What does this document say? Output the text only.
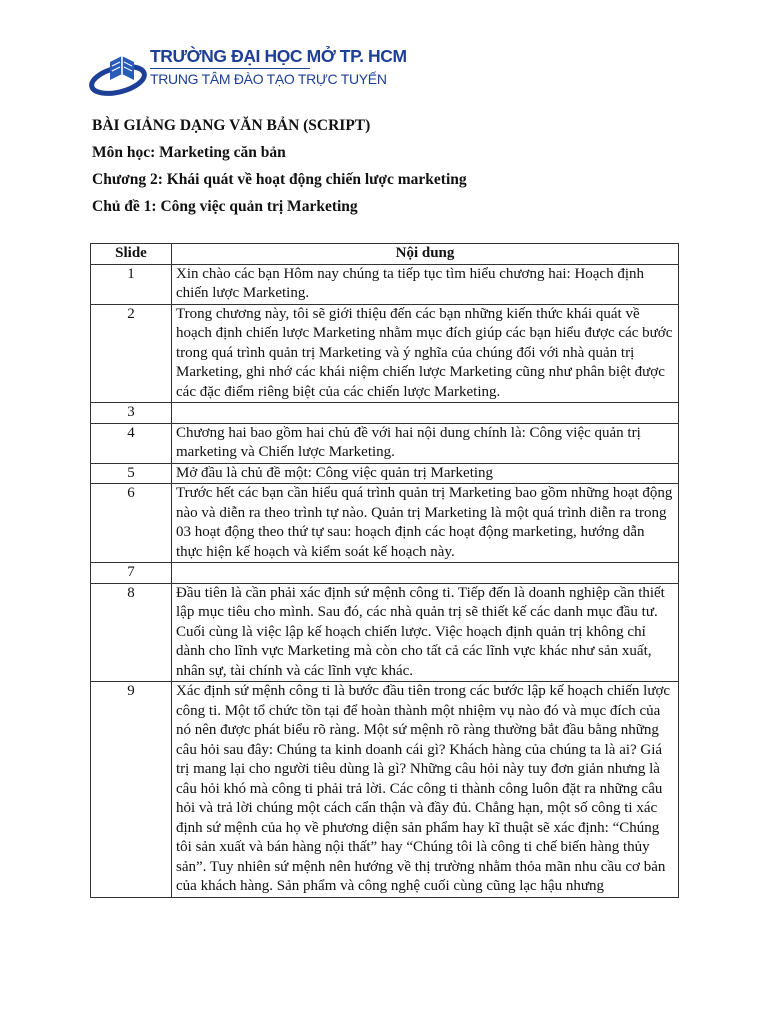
TRƯỜNG ĐẠI HỌC MỞ TP. HCM
TRUNG TÂM ĐÀO TẠO TRỰC TUYẾN
BÀI GIẢNG DẠNG VĂN BẢN (SCRIPT)
Môn học: Marketing căn bản
Chương 2: Khái quát về hoạt động chiến lược marketing
Chủ đề 1: Công việc quản trị Marketing
Slide	Nội dung
1	Xin chào các bạn Hôm nay chúng ta tiếp tục tìm hiểu chương hai: Hoạch định chiến lược Marketing.
2	Trong chương này, tôi sẽ giới thiệu đến các bạn những kiến thức khái quát về hoạch định chiến lược Marketing nhằm mục đích giúp các bạn hiểu được các bước trong quá trình quản trị Marketing và ý nghĩa của chúng đối với nhà quản trị Marketing, ghi nhớ các khái niệm chiến lược Marketing cũng như phân biệt được các đặc điểm riêng biệt của các chiến lược Marketing.
3	
4	Chương hai bao gồm hai chủ đề với hai nội dung chính là: Công việc quản trị marketing và Chiến lược Marketing.
5	Mở đầu là chủ đề một: Công việc quản trị Marketing
6	Trước hết các bạn cần hiểu quá trình quản trị Marketing bao gồm những hoạt động nào và diễn ra theo trình tự nào. Quản trị Marketing là một quá trình diễn ra trong 03 hoạt động theo thứ tự sau: hoạch định các hoạt động marketing, hướng dẫn thực hiện kế hoạch và kiểm soát kế hoạch này.
7	
8	Đầu tiên là cần phải xác định sứ mệnh công ti. Tiếp đến là doanh nghiệp cần thiết lập mục tiêu cho mình. Sau đó, các nhà quản trị sẽ thiết kế các danh mục đầu tư. Cuối cùng là việc lập kế hoạch chiến lược. Việc hoạch định quản trị không chỉ dành cho lĩnh vực Marketing mà còn cho tất cả các lĩnh vực khác như sản xuất, nhân sự, tài chính và các lĩnh vực khác.
9	Xác định sứ mệnh công ti là bước đầu tiên trong các bước lập kế hoạch chiến lược công ti. Một tổ chức tồn tại để hoàn thành một nhiệm vụ nào đó và mục đích của nó nên được phát biểu rõ ràng. Một sứ mệnh rõ ràng thường bắt đầu bằng những câu hỏi sau đây: Chúng ta kinh doanh cái gì? Khách hàng của chúng ta là ai? Giá trị mang lại cho người tiêu dùng là gì? Những câu hỏi này tuy đơn giản nhưng là câu hỏi khó mà công ti phải trả lời. Các công ti thành công luôn đặt ra những câu hỏi và trả lời chúng một cách cẩn thận và đầy đủ. Chẳng hạn, một số công ti xác định sứ mệnh của họ về phương diện sản phẩm hay kĩ thuật sẽ xác định: “Chúng tôi sản xuất và bán hàng nội thất” hay “Chúng tôi là công ti chế biến hàng thủy sản”. Tuy nhiên sứ mệnh nên hướng về thị trường nhằm thỏa mãn nhu cầu cơ bản của khách hàng. Sản phẩm và công nghệ cuối cùng cũng lạc hậu nhưng
